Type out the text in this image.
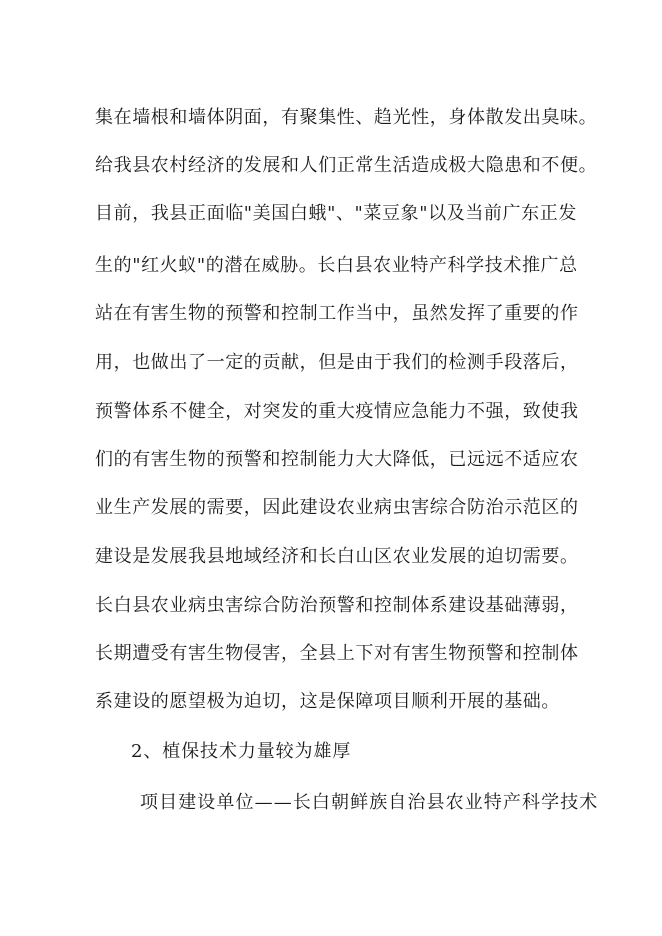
集在墙根和墙体阴面，有聚集性、趋光性，身体散发出臭味。
给我县农村经济的发展和人们正常生活造成极大隐患和不便。
目前，我县正面临"美国白蛾"、"菜豆象"以及当前广东正发
生的"红火蚁"的潜在威胁。长白县农业特产科学技术推广总
站在有害生物的预警和控制工作当中，虽然发挥了重要的作
用，也做出了一定的贡献，但是由于我们的检测手段落后，
预警体系不健全，对突发的重大疫情应急能力不强，致使我
们的有害生物的预警和控制能力大大降低，已远远不适应农
业生产发展的需要，因此建设农业病虫害综合防治示范区的
建设是发展我县地域经济和长白山区农业发展的迫切需要。
长白县农业病虫害综合防治预警和控制体系建设基础薄弱，
长期遭受有害生物侵害，全县上下对有害生物预警和控制体
系建设的愿望极为迫切，这是保障项目顺利开展的基础。
2、植保技术力量较为雄厚
项目建设单位——长白朝鲜族自治县农业特产科学技术
